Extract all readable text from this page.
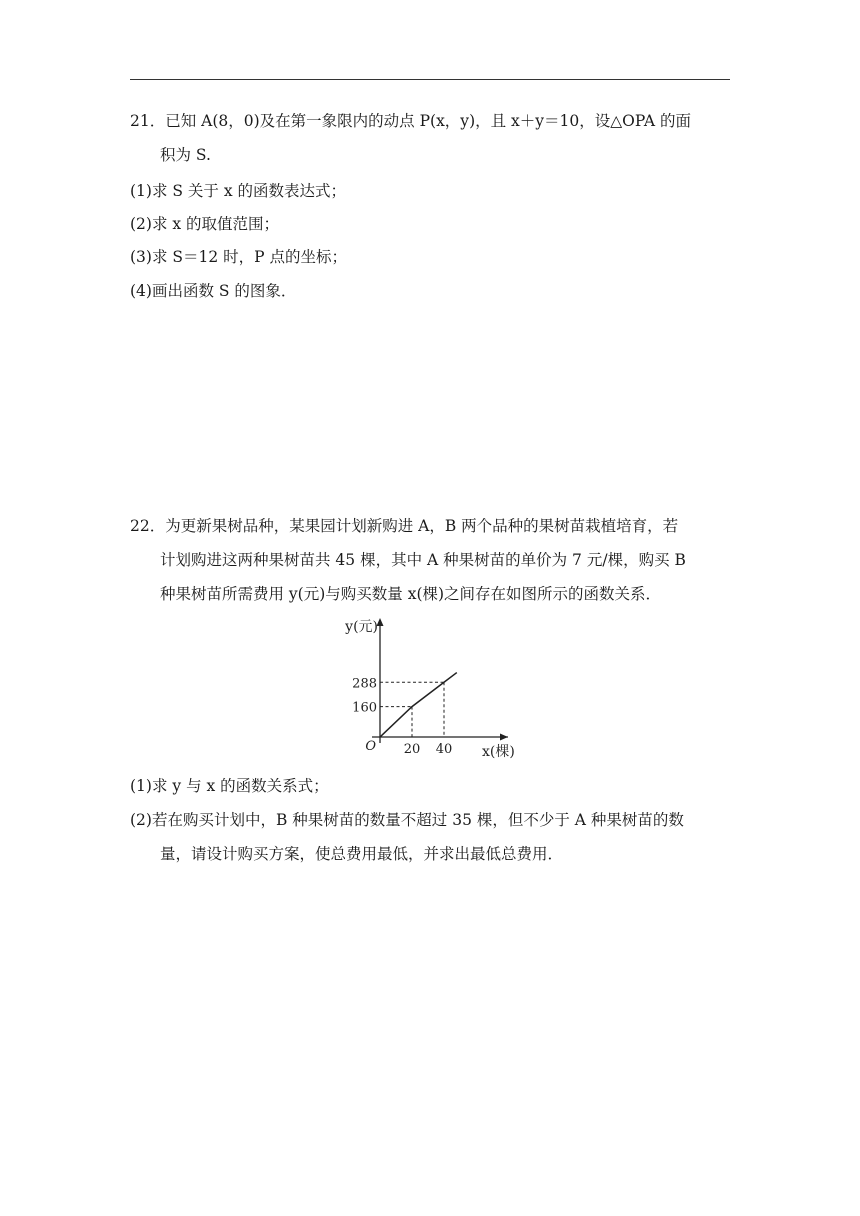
21．已知 A(8，0)及在第一象限内的动点 P(x，y)，且 x＋y＝10，设△OPA 的面
积为 S.
(1)求 S 关于 x 的函数表达式；
(2)求 x 的取值范围；
(3)求 S＝12 时，P 点的坐标；
(4)画出函数 S 的图象．
22．为更新果树品种，某果园计划新购进 A，B 两个品种的果树苗栽植培育，若
计划购进这两种果树苗共 45 棵，其中 A 种果树苗的单价为 7 元/棵，购买 B
种果树苗所需费用 y(元)与购买数量 x(棵)之间存在如图所示的函数关系．
(1)求 y 与 x 的函数关系式；
(2)若在购买计划中，B 种果树苗的数量不超过 35 棵，但不少于 A 种果树苗的数
量，请设计购买方案，使总费用最低，并求出最低总费用．
160
288
20 40
O
y(元)
x(棵)
